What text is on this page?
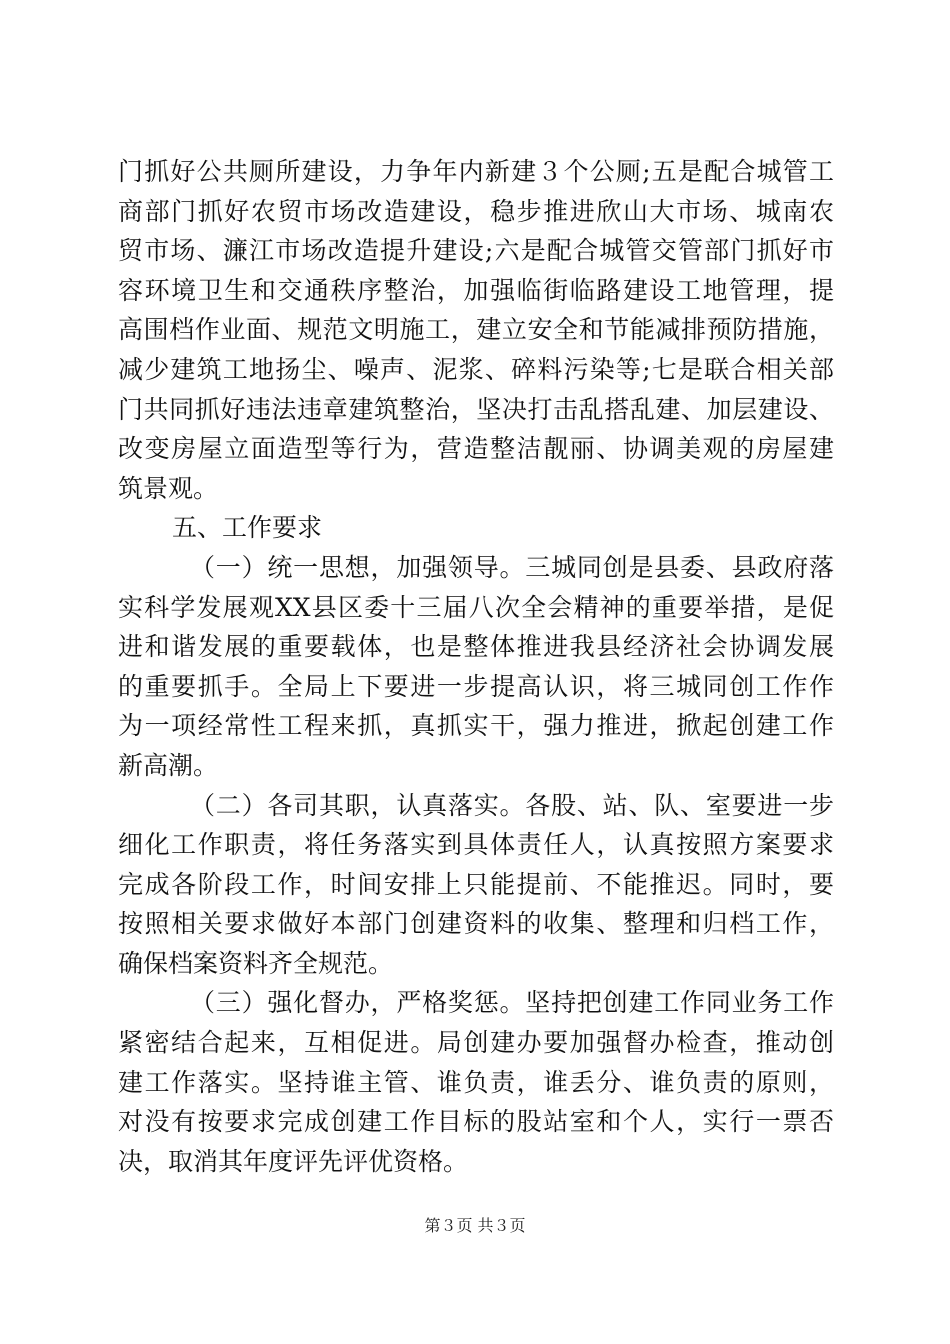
门抓好公共厕所建设，力争年内新建３个公厕;五是配合城管工
商部门抓好农贸市场改造建设，稳步推进欣山大市场、城南农
贸市场、濂江市场改造提升建设;六是配合城管交管部门抓好市
容环境卫生和交通秩序整治，加强临街临路建设工地管理，提
高围档作业面、规范文明施工，建立安全和节能减排预防措施，
减少建筑工地扬尘、噪声、泥浆、碎料污染等;七是联合相关部
门共同抓好违法违章建筑整治，坚决打击乱搭乱建、加层建设、
改变房屋立面造型等行为，营造整洁靓丽、协调美观的房屋建
筑景观。
五、工作要求
（一）统一思想，加强领导。三城同创是县委、县政府落
实科学发展观XX县区委十三届八次全会精神的重要举措，是促
进和谐发展的重要载体，也是整体推进我县经济社会协调发展
的重要抓手。全局上下要进一步提高认识，将三城同创工作作
为一项经常性工程来抓，真抓实干，强力推进，掀起创建工作
新高潮。
（二）各司其职，认真落实。各股、站、队、室要进一步
细化工作职责，将任务落实到具体责任人，认真按照方案要求
完成各阶段工作，时间安排上只能提前、不能推迟。同时，要
按照相关要求做好本部门创建资料的收集、整理和归档工作，
确保档案资料齐全规范。
（三）强化督办，严格奖惩。坚持把创建工作同业务工作
紧密结合起来，互相促进。局创建办要加强督办检查，推动创
建工作落实。坚持谁主管、谁负责，谁丢分、谁负责的原则，
对没有按要求完成创建工作目标的股站室和个人，实行一票否
决，取消其年度评先评优资格。
第３页 共３页
